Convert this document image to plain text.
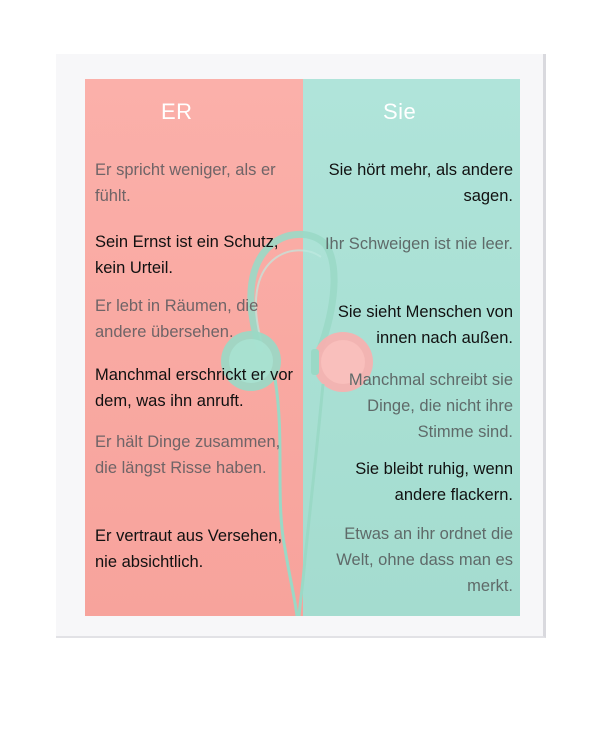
ER	Sie

Er spricht weniger, als er fühlt.

Sein Ernst ist ein Schutz, kein Urteil.

Er lebt in Räumen, die andere übersehen.

Manchmal erschrickt er vor dem, was ihn anruft.

Er hält Dinge zusammen, die längst Risse haben.

Er vertraut aus Versehen, nie absichtlich.

Sie hört mehr, als andere sagen.

Ihr Schweigen ist nie leer.

Sie sieht Menschen von innen nach außen.

Manchmal schreibt sie Dinge, die nicht ihre Stimme sind.

Sie bleibt ruhig, wenn andere flackern.

Etwas an ihr ordnet die Welt, ohne dass man es merkt.
